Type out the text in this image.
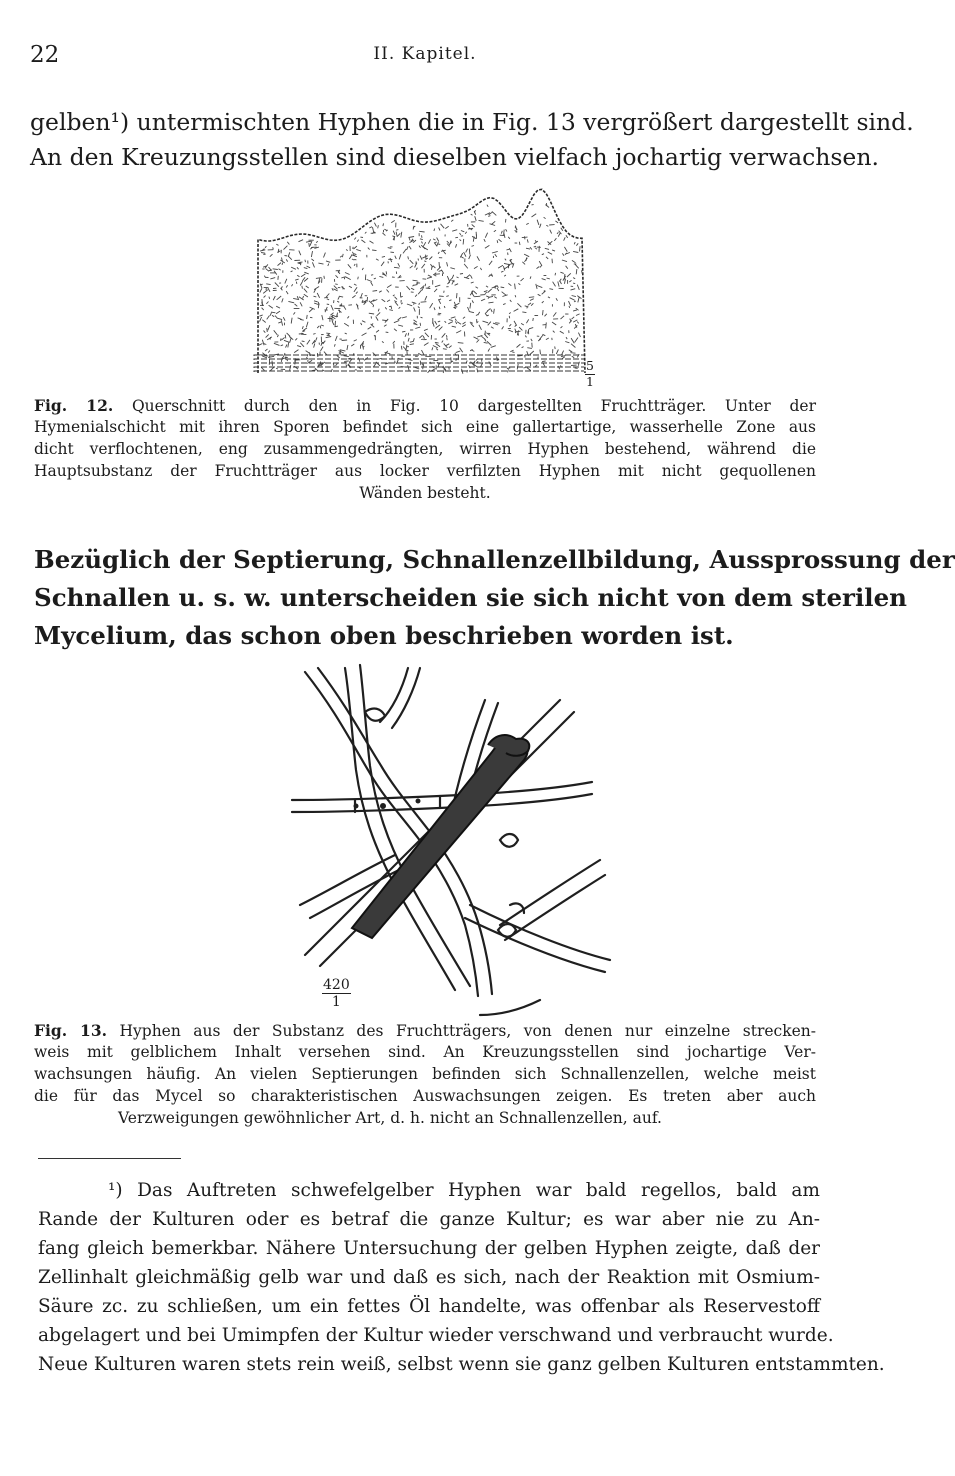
22	II. Kapitel.
gelben¹) untermischten Hyphen die in Fig. 13 vergrößert dargestellt sind.
An den Kreuzungsstellen sind dieselben vielfach jochartig verwachsen.
$\frac{5}{1}$
Fig. 12. Querschnitt durch den in Fig. 10 dargestellten Fruchtträger. Unter der
Hymenialschicht mit ihren Sporen befindet sich eine gallertartige, wasserhelle Zone aus
dicht verflochtenen, eng zusammengedrängten, wirren Hyphen bestehend, während die
Hauptsubstanz der Fruchtträger aus locker verfilzten Hyphen mit nicht gequollenen
Wänden besteht.
Bezüglich der Septierung, Schnallenzellbildung, Aussprossung der
Schnallen u. s. w. unterscheiden sie sich nicht von dem sterilen
Mycelium, das schon oben beschrieben worden ist.
$\frac{420}{1}$
Fig. 13. Hyphen aus der Substanz des Fruchtträgers, von denen nur einzelne strecken-
weis mit gelblichem Inhalt versehen sind. An Kreuzungsstellen sind jochartige Ver-
wachsungen häufig. An vielen Septierungen befinden sich Schnallenzellen, welche meist
die für das Mycel so charakteristischen Auswachsungen zeigen. Es treten aber auch
Verzweigungen gewöhnlicher Art, d. h. nicht an Schnallenzellen, auf.
¹) Das Auftreten schwefelgelber Hyphen war bald regellos, bald am
Rande der Kulturen oder es betraf die ganze Kultur; es war aber nie zu An-
fang gleich bemerkbar. Nähere Untersuchung der gelben Hyphen zeigte, daß der
Zellinhalt gleichmäßig gelb war und daß es sich, nach der Reaktion mit Osmium-
Säure zc. zu schließen, um ein fettes Öl handelte, was offenbar als Reservestoff
abgelagert und bei Umimpfen der Kultur wieder verschwand und verbraucht wurde.
Neue Kulturen waren stets rein weiß, selbst wenn sie ganz gelben Kulturen entstammten.
